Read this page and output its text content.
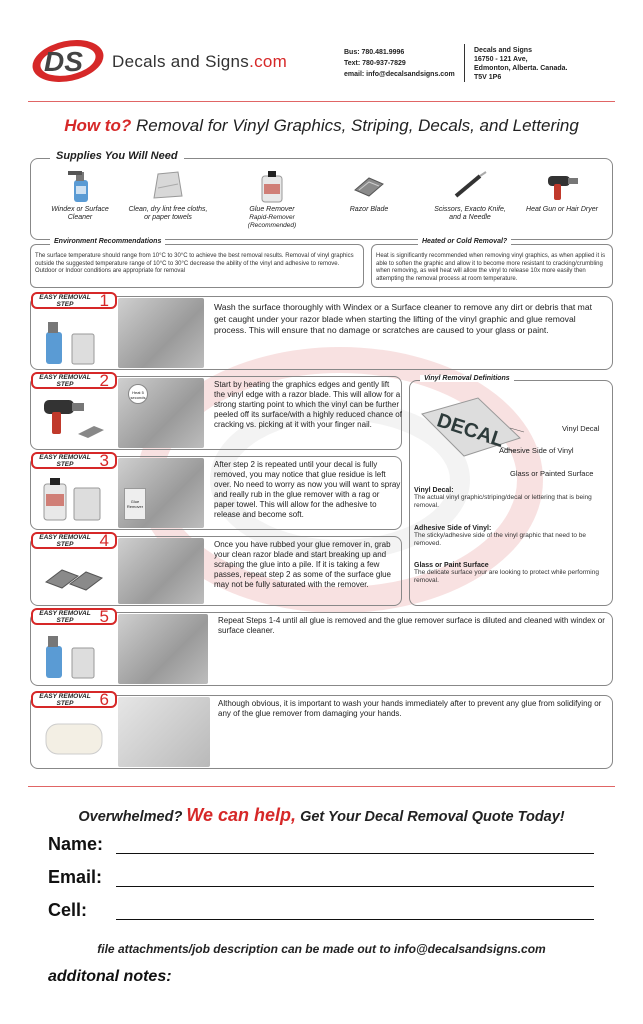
DS Decals and Signs.com	Bus: 780.481.9996
Text: 780-937-7829
email: info@decalsandsigns.com
Decals and Signs
16750 - 121 Ave,
Edmonton, Alberta. Canada.
T5V 1P6
How to? Removal for Vinyl Graphics, Striping, Decals, and Lettering
Supplies You Will Need
Windex or Surface Cleaner
Clean, dry lint free cloths, or paper towels
Glue Remover
Rapid-Remover (Recommended)
Razor Blade	Scissors, Exacto Knife, and a Needle
Heat Gun or Hair Dryer
The surface temperature should range from 10°C to 30°C to achieve the best removal results. Removal of vinyl graphics outside the suggested temperature range of 10°C to 30°C decrease the ability of the vinyl and adhesive to remove. Outdoor or Indoor conditions are appropriate for removal
Environment Recommendations
Heat is significantly recommended when removing vinyl graphics, as when applied it is able to soften the graphic and allow it to become more resistant to cracking/crumbling when removing, as well heat will allow the vinyl to release 10x more easily then attempting the removal process at room temperature.
Heated or Cold Removal?
EASY REMOVAL STEP	1	Wash the surface thoroughly with Windex or a Surface cleaner to remove any dirt or debris that mat get caught under your razor blade when starting the lifting of the vinyl graphic and glue removal process. This will ensure that no damage or scratches are caused to your glass or paint.
Heat 5 seconds
EASY REMOVAL STEP	2	Start by heating the graphics edges and gently lift the vinyl edge with a razor blade. This will allow for a strong starting point to which the vinyl can be further peeled off its surface/with a highly reduced chance of cracking vs. picking at it with your finger nail.
Glue Remover
EASY REMOVAL STEP	3	After step 2 is repeated until your decal is fully removed, you may notice that glue residue is left over. No need to worry as now you will want to spray and really rub in the glue remover with a rag or paper towel. This will allow for the adhesive to release and become soft.
EASY REMOVAL STEP	4	Once you have rubbed your glue remover in, grab your clean razor blade and start breaking up and scraping the glue into a pile. If it is taking a few passes, repeat step 2 as some of the surface glue may not be fully saturated with the remover.
Vinyl Removal Definitions
DECAL	Vinyl Decal
Adhesive Side of Vinyl
Glass or Painted Surface
Vinyl Decal:
The actual vinyl graphic/striping/decal or lettering that is being removal.
Adhesive Side of Vinyl:
The sticky/adhesive side of the vinyl graphic that need to be removed.
Glass or Paint Surface
The delicate surface your are looking to protect while performing removal.
EASY REMOVAL STEP	5	Repeat Steps 1-4 until all glue is removed and the glue remover surface is diluted and cleaned with windex or surface cleaner.
EASY REMOVAL STEP	6	Although obvious, it is important to wash your hands immediately after to prevent any glue from solidifying or any of the glue remover from damaging your hands.
Overwhelmed? We can help, Get Your Decal Removal Quote Today!
Name:
Email:
Cell:
file attachments/job description can be made out to info@decalsandsigns.com
additonal notes:
